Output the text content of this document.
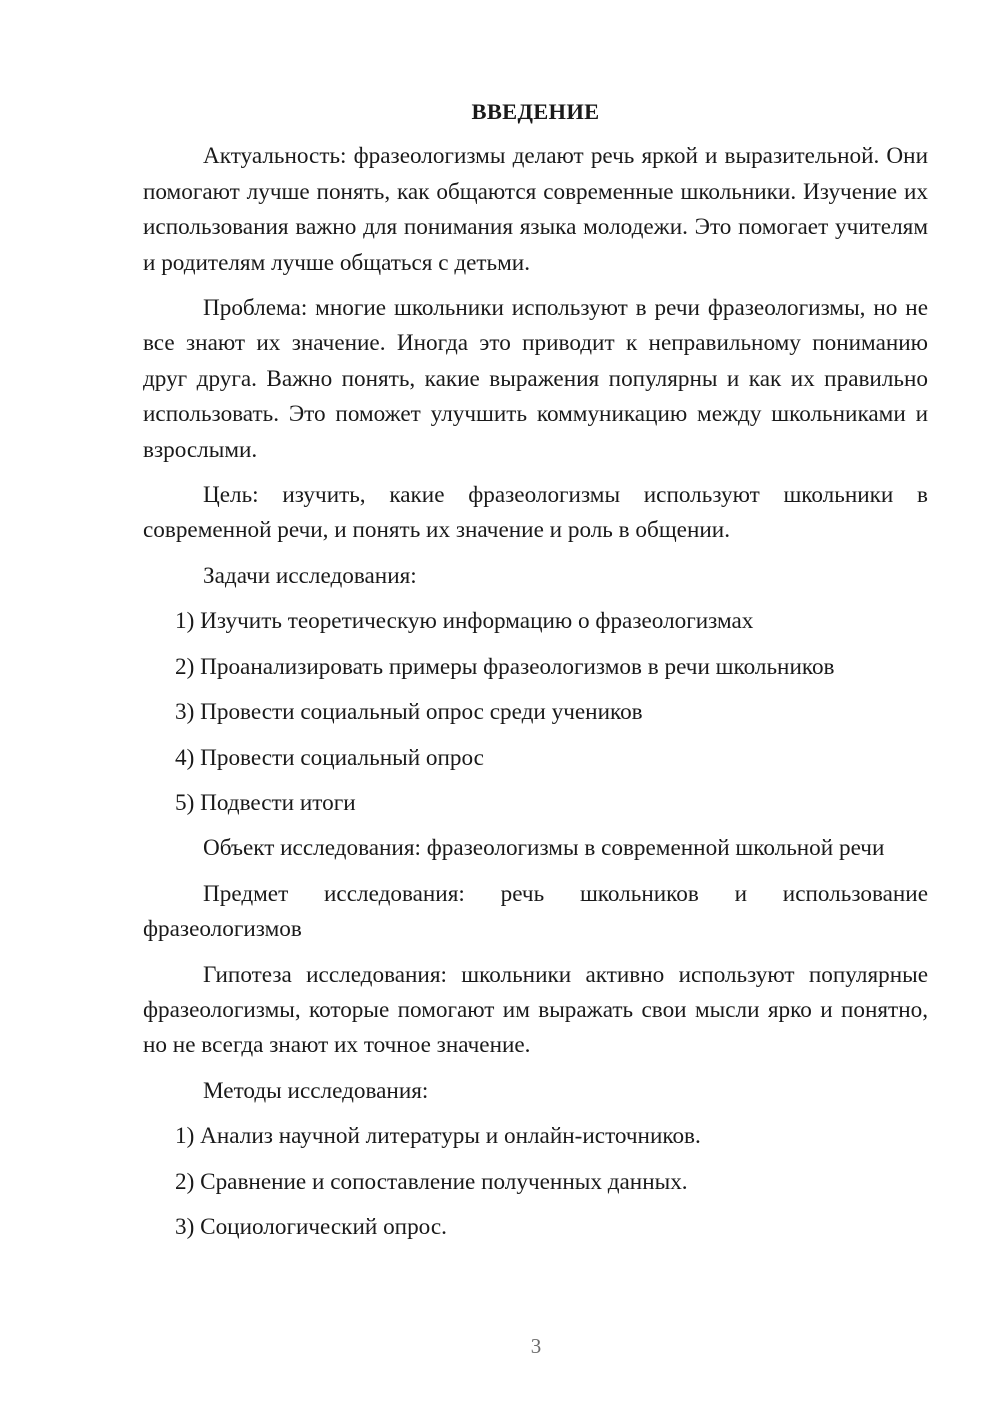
ВВЕДЕНИЕ

Актуальность: фразеологизмы делают речь яркой и выразительной. Они помогают лучше понять, как общаются современные школьники. Изучение их использования важно для понимания языка молодежи. Это помогает учителям и родителям лучше общаться с детьми.

Проблема: многие школьники используют в речи фразеологизмы, но не все знают их значение. Иногда это приводит к неправильному пониманию друг друга. Важно понять, какие выражения популярны и как их правильно использовать. Это поможет улучшить коммуникацию между школьниками и взрослыми.

Цель: изучить, какие фразеологизмы используют школьники в современной речи, и понять их значение и роль в общении.

Задачи исследования:
1) Изучить теоретическую информацию о фразеологизмах
2) Проанализировать примеры фразеологизмов в речи школьников
3) Провести социальный опрос среди учеников
4) Провести социальный опрос
5) Подвести итоги

Объект исследования: фразеологизмы в современной школьной речи

Предмет исследования: речь школьников и использование фразеологизмов

Гипотеза исследования: школьники активно используют популярные фразеологизмы, которые помогают им выражать свои мысли ярко и понятно, но не всегда знают их точное значение.

Методы исследования:
1) Анализ научной литературы и онлайн-источников.
2) Сравнение и сопоставление полученных данных.
3) Социологический опрос.
3
